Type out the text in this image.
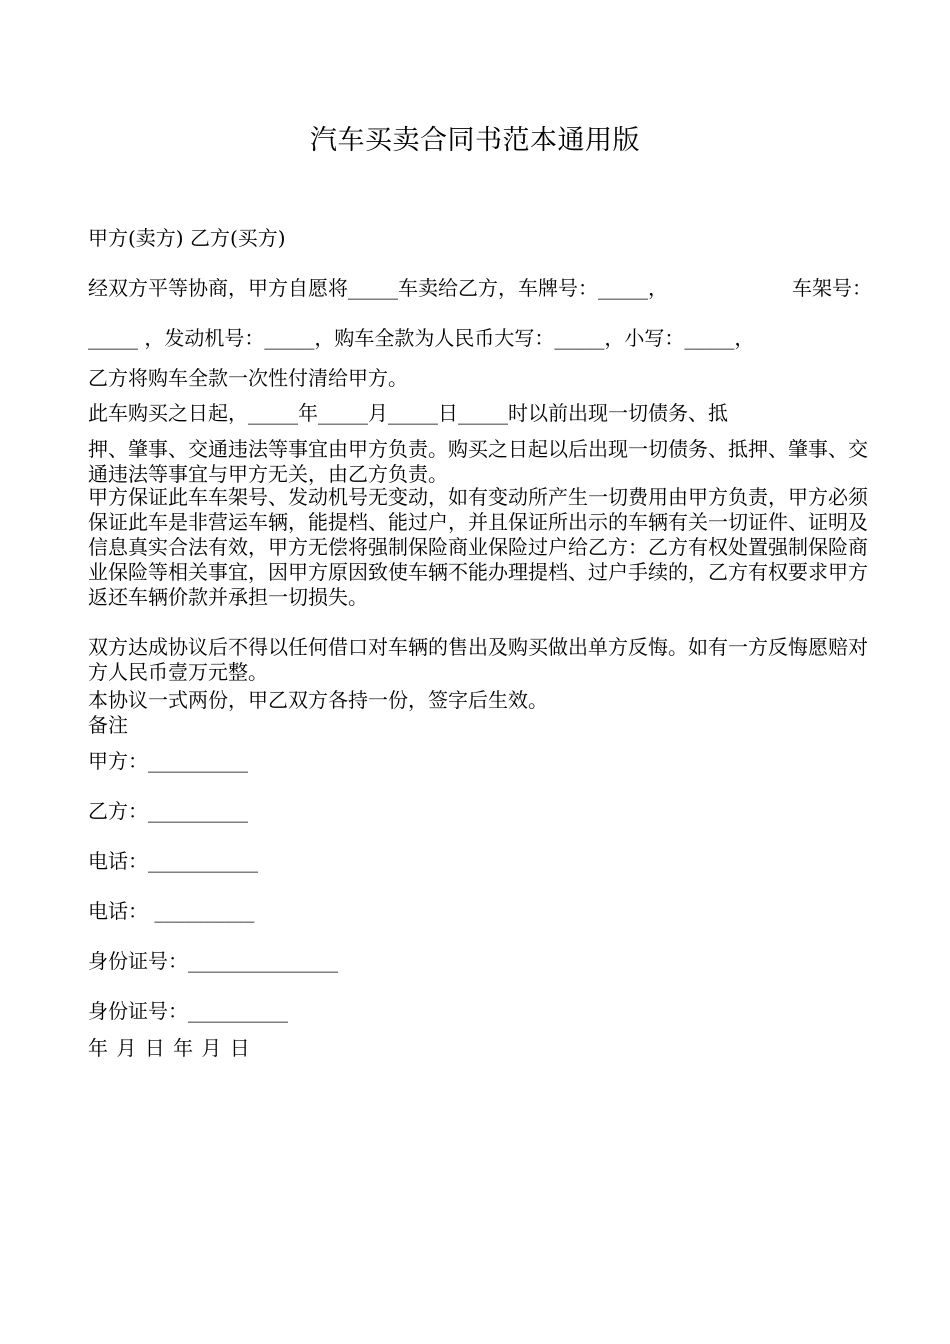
汽车买卖合同书范本通用版

甲方(卖方) 乙方(买方)

经双方平等协商，甲方自愿将_____车卖给乙方，车牌号：_____，	车架号：

_____ ，发动机号：_____，购车全款为人民币大写：_____，小写：_____，

乙方将购车全款一次性付清给甲方。

此车购买之日起，_____年_____月_____日_____时以前出现一切债务、抵

押、肇事、交通违法等事宜由甲方负责。购买之日起以后出现一切债务、抵押、肇事、交通违法等事宜与甲方无关，由乙方负责。

甲方保证此车车架号、发动机号无变动，如有变动所产生一切费用由甲方负责，甲方必须保证此车是非营运车辆，能提档、能过户，并且保证所出示的车辆有关一切证件、证明及信息真实合法有效，甲方无偿将强制保险商业保险过户给乙方：乙方有权处置强制保险商业保险等相关事宜，因甲方原因致使车辆不能办理提档、过户手续的，乙方有权要求甲方返还车辆价款并承担一切损失。

双方达成协议后不得以任何借口对车辆的售出及购买做出单方反悔。如有一方反悔愿赔对方人民币壹万元整。

本协议一式两份，甲乙双方各持一份，签字后生效。

备注

甲方：__________

乙方：__________

电话：___________

电话： __________

身份证号：_______________

身份证号：__________

年 月 日 年 月 日
